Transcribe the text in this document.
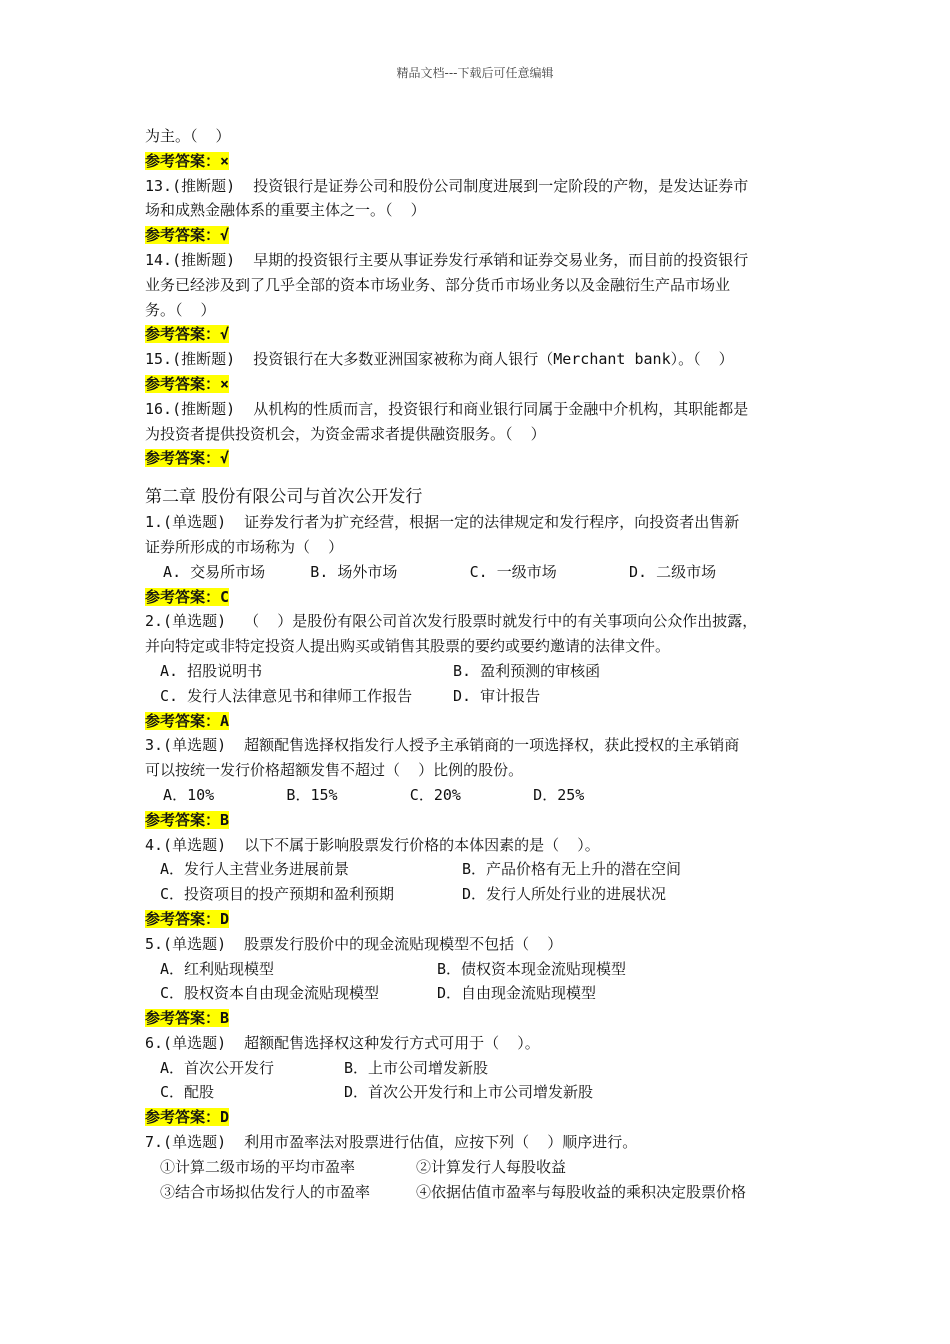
精品文档---下载后可任意编辑
为主。（  ）
参考答案：×
13.(推断题)  投资银行是证券公司和股份公司制度进展到一定阶段的产物，是发达证券市
场和成熟金融体系的重要主体之一。（  ）
参考答案：√
14.(推断题)  早期的投资银行主要从事证券发行承销和证券交易业务，而目前的投资银行
业务已经涉及到了几乎全部的资本市场业务、部分货币市场业务以及金融衍生产品市场业
务。（  ）
参考答案：√
15.(推断题)  投资银行在大多数亚洲国家被称为商人银行（Merchant bank）。（  ）
参考答案：×
16.(推断题)  从机构的性质而言，投资银行和商业银行同属于金融中介机构，其职能都是
为投资者提供投资机会，为资金需求者提供融资服务。（  ）
参考答案：√
第二章 股份有限公司与首次公开发行
1.(单选题)  证券发行者为扩充经营，根据一定的法律规定和发行程序，向投资者出售新
证券所形成的市场称为（  ）
A. 交易所市场     B. 场外市场        C. 一级市场        D. 二级市场
参考答案：C
2.(单选题)  （  ）是股份有限公司首次发行股票时就发行中的有关事项向公众作出披露，
并向特定或非特定投资人提出购买或销售其股票的要约或要约邀请的法律文件。
A. 招股说明书	B. 盈利预测的审核函
C. 发行人法律意见书和律师工作报告	D. 审计报告
参考答案：A
3.(单选题)  超额配售选择权指发行人授予主承销商的一项选择权，获此授权的主承销商
可以按统一发行价格超额发售不超过（  ）比例的股份。
A．10%        B．15%        C．20%        D．25%
参考答案：B
4.(单选题)  以下不属于影响股票发行价格的本体因素的是（  ）。
A．发行人主营业务进展前景	B．产品价格有无上升的潜在空间
C．投资项目的投产预期和盈利预期	D．发行人所处行业的进展状况
参考答案：D
5.(单选题)  股票发行股价中的现金流贴现模型不包括（  ）
A．红利贴现模型	B．债权资本现金流贴现模型
C．股权资本自由现金流贴现模型	D．自由现金流贴现模型
参考答案：B
6.(单选题)  超额配售选择权这种发行方式可用于（  ）。
A．首次公开发行	B．上市公司增发新股
C．配股	D．首次公开发行和上市公司增发新股
参考答案：D
7.(单选题)  利用市盈率法对股票进行估值，应按下列（  ）顺序进行。
①计算二级市场的平均市盈率	②计算发行人每股收益
③结合市场拟估发行人的市盈率	④依据估值市盈率与每股收益的乘积决定股票价格
